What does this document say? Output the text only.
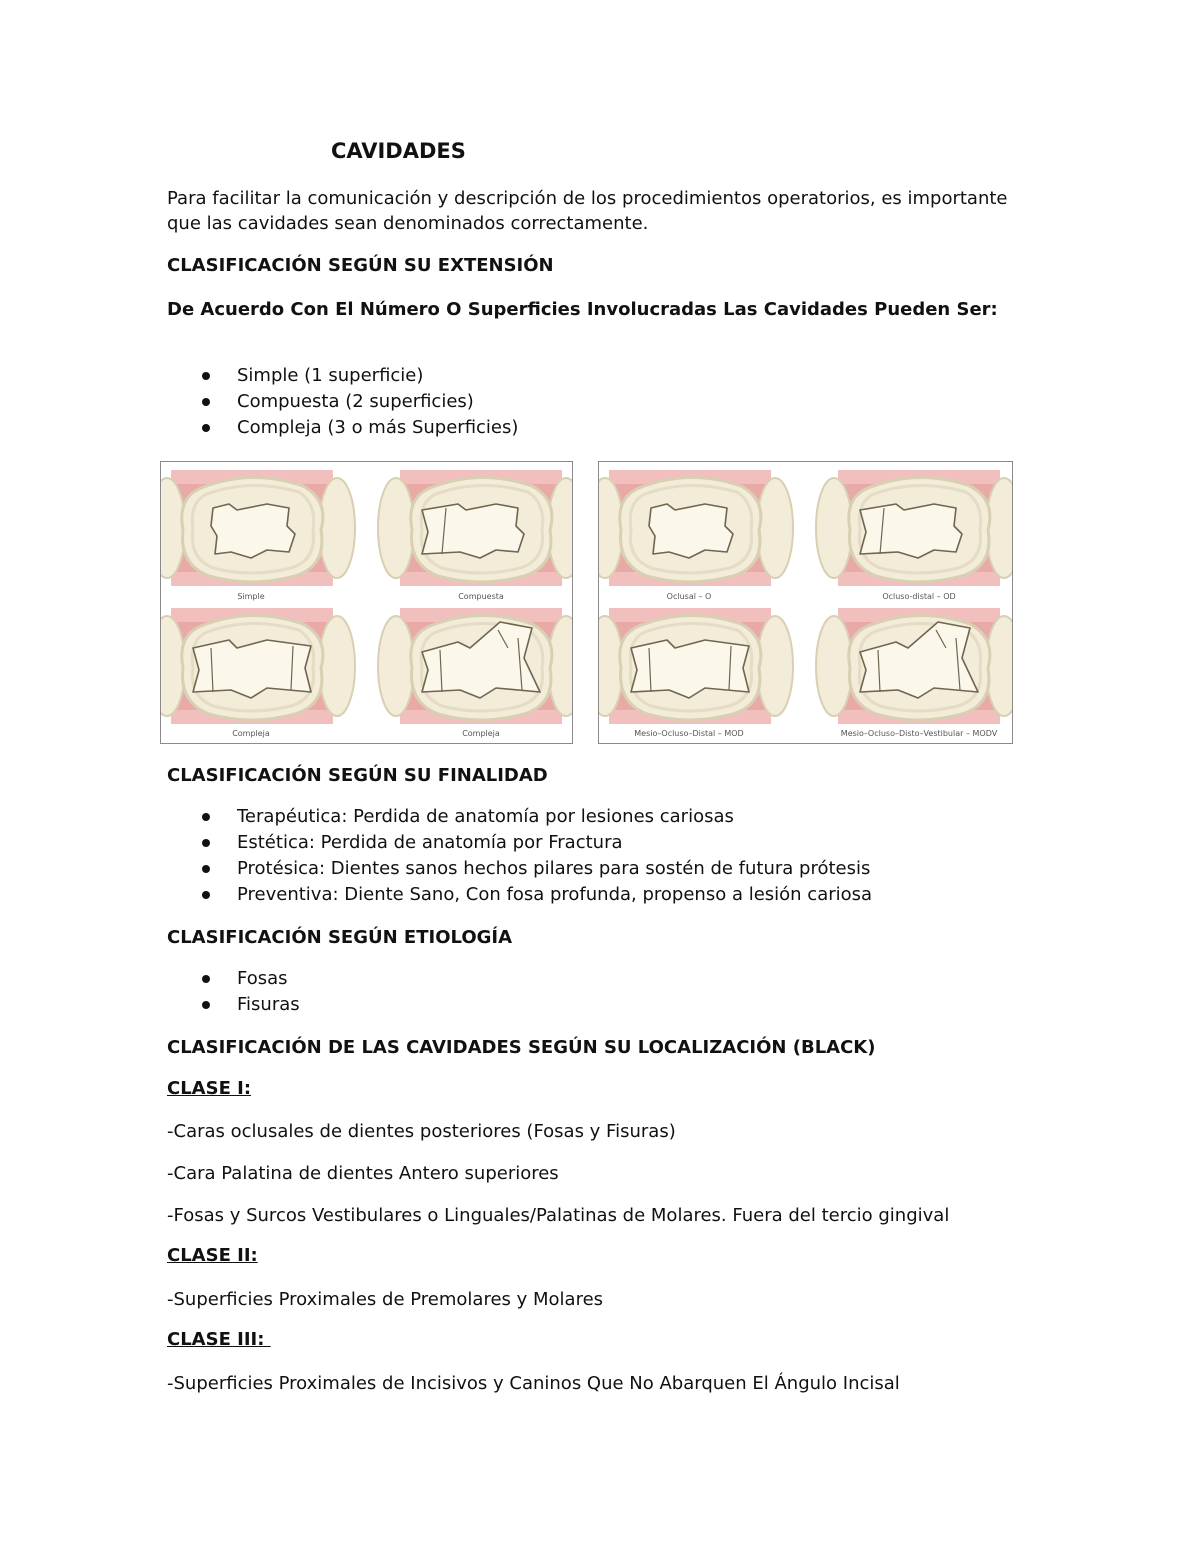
CAVIDADES
Para facilitar la comunicación y descripción de los procedimientos operatorios, es importante que las cavidades sean denominados correctamente.
CLASIFICACIÓN SEGÚN SU EXTENSIÓN
De Acuerdo Con El Número O Superficies Involucradas Las Cavidades Pueden Ser:
Simple (1 superficie)
Compuesta (2 superficies)
Compleja (3 o más Superficies)
Simple	Compuesta
Compleja	Compleja
Oclusal – O	Ocluso-distal – OD
Mesio–Ocluso–Distal – MOD	Mesio–Ocluso–Disto–Vestibular – MODV
CLASIFICACIÓN SEGÚN SU FINALIDAD
Terapéutica: Perdida de anatomía por lesiones cariosas
Estética: Perdida de anatomía por Fractura
Protésica: Dientes sanos hechos pilares para sostén de futura prótesis
Preventiva: Diente Sano, Con fosa profunda, propenso a lesión cariosa
CLASIFICACIÓN SEGÚN ETIOLOGÍA
Fosas
Fisuras
CLASIFICACIÓN DE LAS CAVIDADES SEGÚN SU LOCALIZACIÓN (BLACK)
CLASE I:
-Caras oclusales de dientes posteriores (Fosas y Fisuras)
-Cara Palatina de dientes Antero superiores
-Fosas y Surcos Vestibulares o Linguales/Palatinas de Molares. Fuera del tercio gingival
CLASE II:
-Superficies Proximales de Premolares y Molares
CLASE III:
-Superficies Proximales de Incisivos y Caninos Que No Abarquen El Ángulo Incisal
